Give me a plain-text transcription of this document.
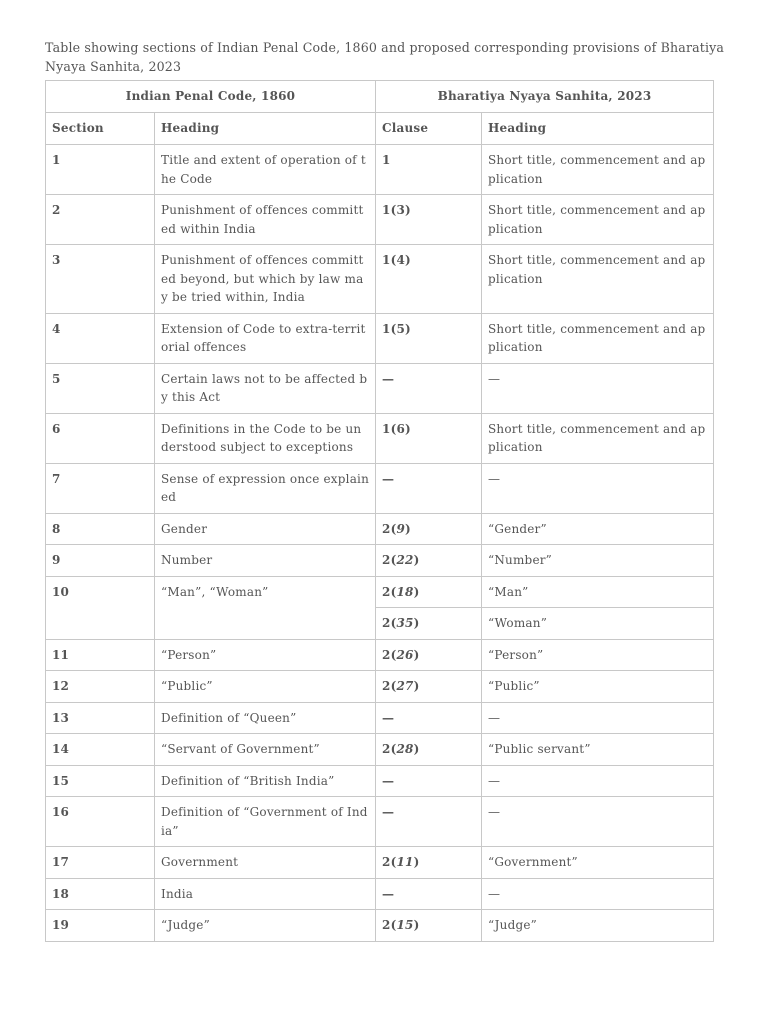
Table showing sections of Indian Penal Code, 1860 and proposed corresponding provisions of Bharatiya Nyaya Sanhita, 2023
Indian Penal Code, 1860		Bharatiya Nyaya Sanhita, 2023	
Section	Heading	Clause	Heading
1	Title and extent of operation of the Code	1	Short title, commencement and application
2	Punishment of offences committed within India	1(3)	Short title, commencement and application
3	Punishment of offences committed beyond, but which by law may be tried within, India	1(4)	Short title, commencement and application
4	Extension of Code to extra-territorial offences	1(5)	Short title, commencement and application
5	Certain laws not to be affected by this Act	—	—
6	Definitions in the Code to be understood subject to exceptions	1(6)	Short title, commencement and application
7	Sense of expression once explained	—	—
8	Gender	2(9)	“Gender”
9	Number	2(22)	“Number”
10	“Man”, “Woman”	2(18)	“Man”
		2(35)	“Woman”
11	“Person”	2(26)	“Person”
12	“Public”	2(27)	“Public”
13	Definition of “Queen”	—	—
14	“Servant of Government”	2(28)	“Public servant”
15	Definition of “British India”	—	—
16	Definition of “Government of India”	—	—
17	Government	2(11)	“Government”
18	India	—	—
19	“Judge”	2(15)	“Judge”
